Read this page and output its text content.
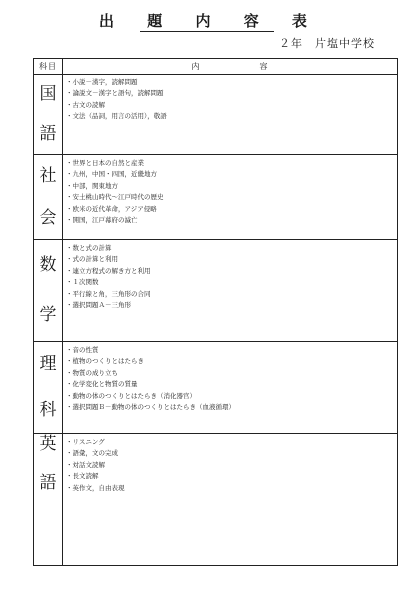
出 題 内 容 表
２年　片塩中学校
科目	内容
国
語
・ 小説－漢字，読解問題
・ 論説文－漢字と語句，読解問題
・ 古文の読解
・ 文法（品詞，用言の活用），敬語
社
会
・ 世界と日本の自然と産業
・ 九州，中国・四国，近畿地方
・ 中部，関東地方
・ 安土桃山時代～江戸時代の歴史
・ 欧米の近代革命，アジア侵略
・ 開国，江戸幕府の滅亡
数
学
・ 数と式の計算
・ 式の計算と利用
・ 連立方程式の解き方と利用
・ １次関数
・ 平行線と角，三角形の合同
・ 選択問題Ａ－三角形
理
科
・ 音の性質
・ 植物のつくりとはたらき
・ 物質の成り立ち
・ 化学変化と物質の質量
・ 動物の体のつくりとはたらき（消化器官）
・ 選択問題Ｂ－動物の体のつくりとはたらき（血液循環）
英
語
・ リスニング
・ 語彙，文の完成
・ 対話文読解
・ 長文読解
・ 英作文，自由表現
